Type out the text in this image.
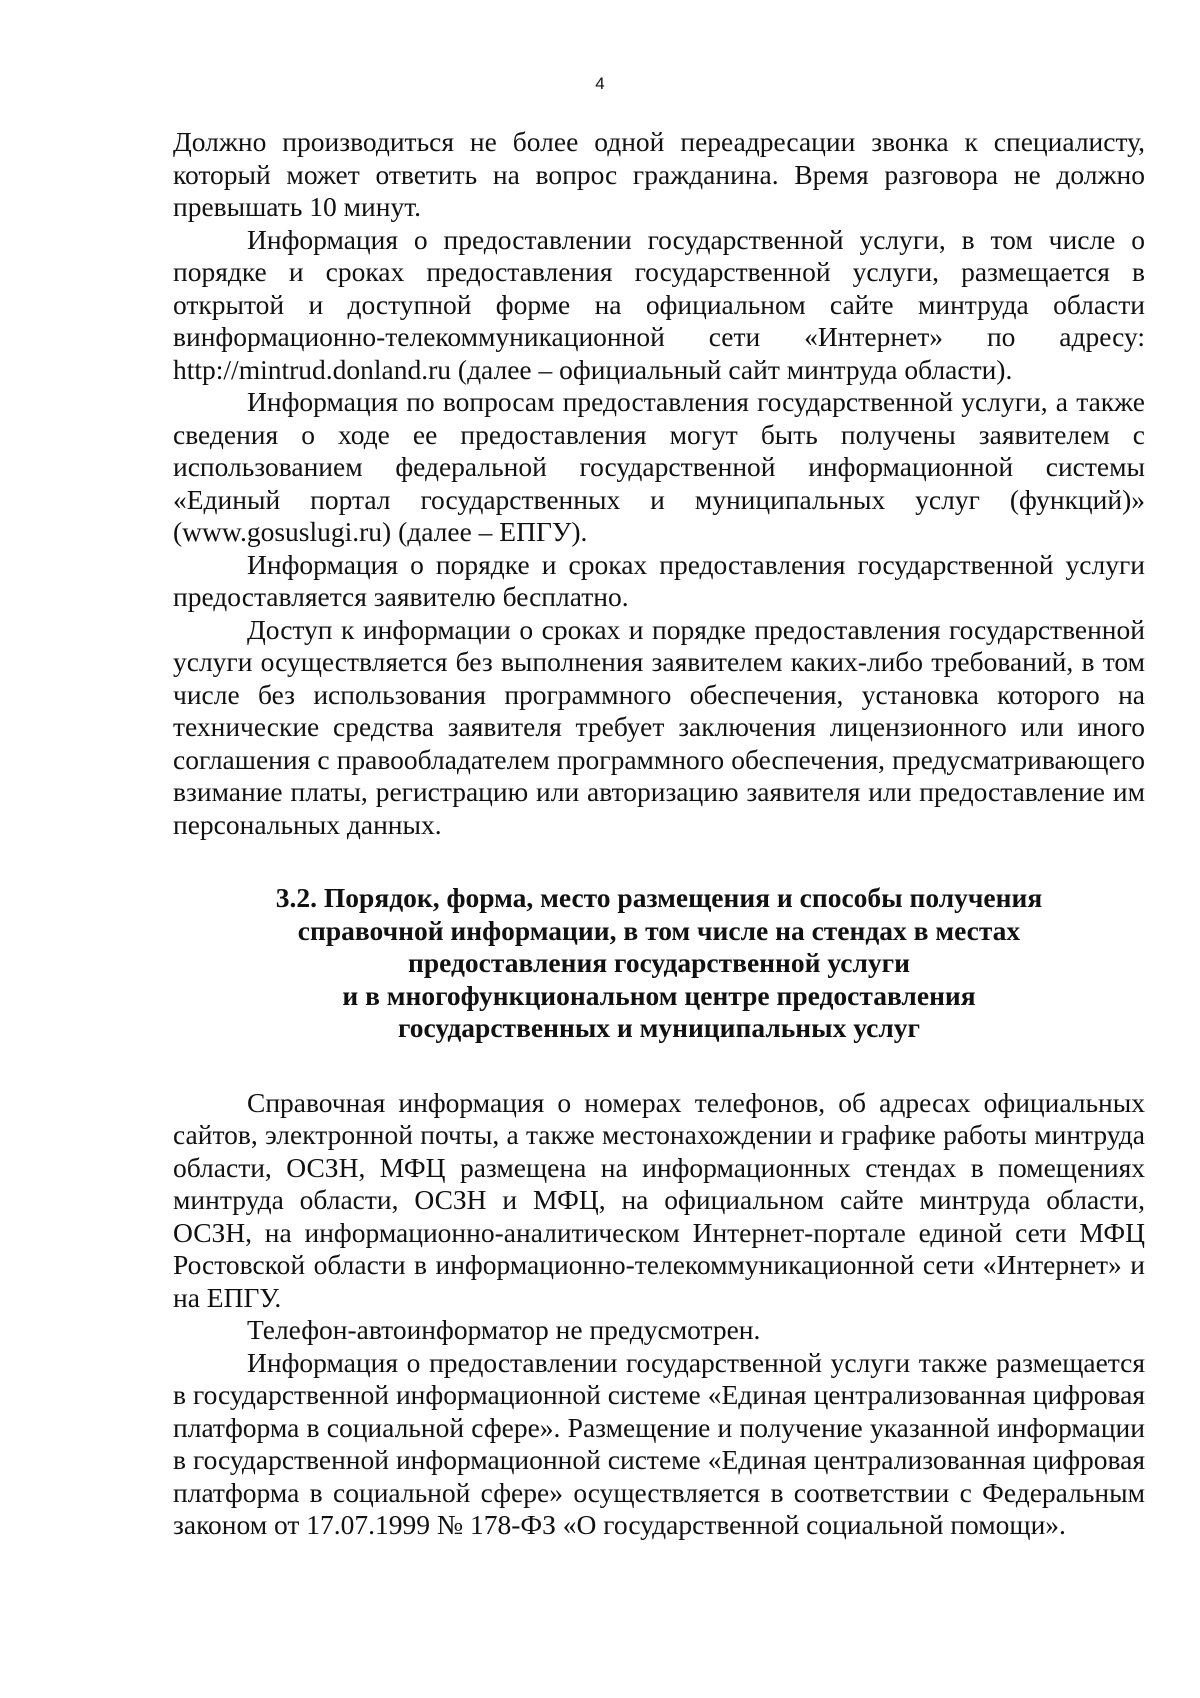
4

Должно производиться не более одной переадресации звонка к специалисту, который может ответить на вопрос гражданина. Время разговора не должно превышать 10 минут.

Информация о предоставлении государственной услуги, в том числе о порядке и сроках предоставления государственной услуги, размещается в открытой и доступной форме на официальном сайте минтруда области винформационно-телекоммуникационной сети «Интернет» по адресу: http://mintrud.donland.ru (далее – официальный сайт минтруда области).

Информация по вопросам предоставления государственной услуги, а также сведения о ходе ее предоставления могут быть получены заявителем с использованием федеральной государственной информационной системы «Единый портал государственных и муниципальных услуг (функций)» (www.gosuslugi.ru) (далее – ЕПГУ).

Информация о порядке и сроках предоставления государственной услуги предоставляется заявителю бесплатно.

Доступ к информации о сроках и порядке предоставления государственной услуги осуществляется без выполнения заявителем каких-либо требований, в том числе без использования программного обеспечения, установка которого на технические средства заявителя требует заключения лицензионного или иного соглашения с правообладателем программного обеспечения, предусматривающего взимание платы, регистрацию или авторизацию заявителя или предоставление им персональных данных.

3.2. Порядок, форма, место размещения и способы получения
справочной информации, в том числе на стендах в местах
предоставления государственной услуги
и в многофункциональном центре предоставления
государственных и муниципальных услуг

Справочная информация о номерах телефонов, об адресах официальных сайтов, электронной почты, а также местонахождении и графике работы минтруда области, ОСЗН, МФЦ размещена на информационных стендах в помещениях минтруда области, ОСЗН и МФЦ, на официальном сайте минтруда области, ОСЗН, на информационно-аналитическом Интернет-портале единой сети МФЦ Ростовской области в информационно-телекоммуникационной сети «Интернет» и на ЕПГУ.

Телефон-автоинформатор не предусмотрен.

Информация о предоставлении государственной услуги также размещается в государственной информационной системе «Единая централизованная цифровая платформа в социальной сфере». Размещение и получение указанной информации в государственной информационной системе «Единая централизованная цифровая платформа в социальной сфере» осуществляется в соответствии с Федеральным законом от 17.07.1999 № 178-ФЗ «О государственной социальной помощи».
